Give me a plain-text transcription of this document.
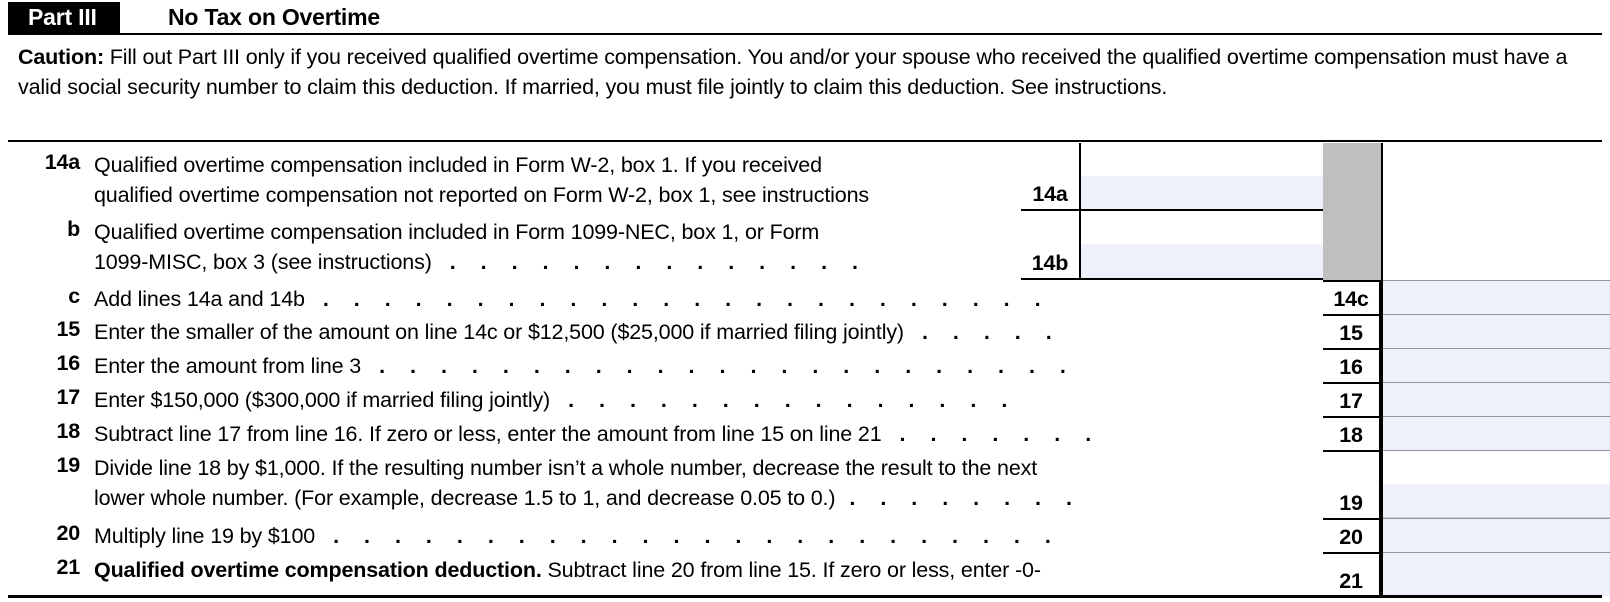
Part III	No Tax on Overtime
Caution: Fill out Part III only if you received qualified overtime compensation. You and/or your spouse who received the qualified overtime compensation must have a valid social security number to claim this deduction. If married, you must file jointly to claim this deduction. See instructions.
14a Qualified overtime compensation included in Form W-2, box 1. If you received
qualified overtime compensation not reported on Form W-2, box 1, see instructions	14a
b Qualified overtime compensation included in Form 1099-NEC, box 1, or Form
1099-MISC, box 3 (see instructions) . . . . . . . . . . . . . .	14b
c Add lines 14a and 14b . . . . . . . . . . . . . . . . . . . . . . . .	14c
15 Enter the smaller of the amount on line 14c or $12,500 ($25,000 if married filing jointly) . . . . .	15
16 Enter the amount from line 3 . . . . . . . . . . . . . . . . . . . . . . .	16
17 Enter $150,000 ($300,000 if married filing jointly) . . . . . . . . . . . . . . .	17
18 Subtract line 17 from line 16. If zero or less, enter the amount from line 15 on line 21 . . . . . . .	18
19 Divide line 18 by $1,000. If the resulting number isn’t a whole number, decrease the result to the next
lower whole number. (For example, decrease 1.5 to 1, and decrease 0.05 to 0.) . . . . . . . .	19
20 Multiply line 19 by $100 . . . . . . . . . . . . . . . . . . . . . . . .	20
21 Qualified overtime compensation deduction. Subtract line 20 from line 15. If zero or less, enter -0-	21
